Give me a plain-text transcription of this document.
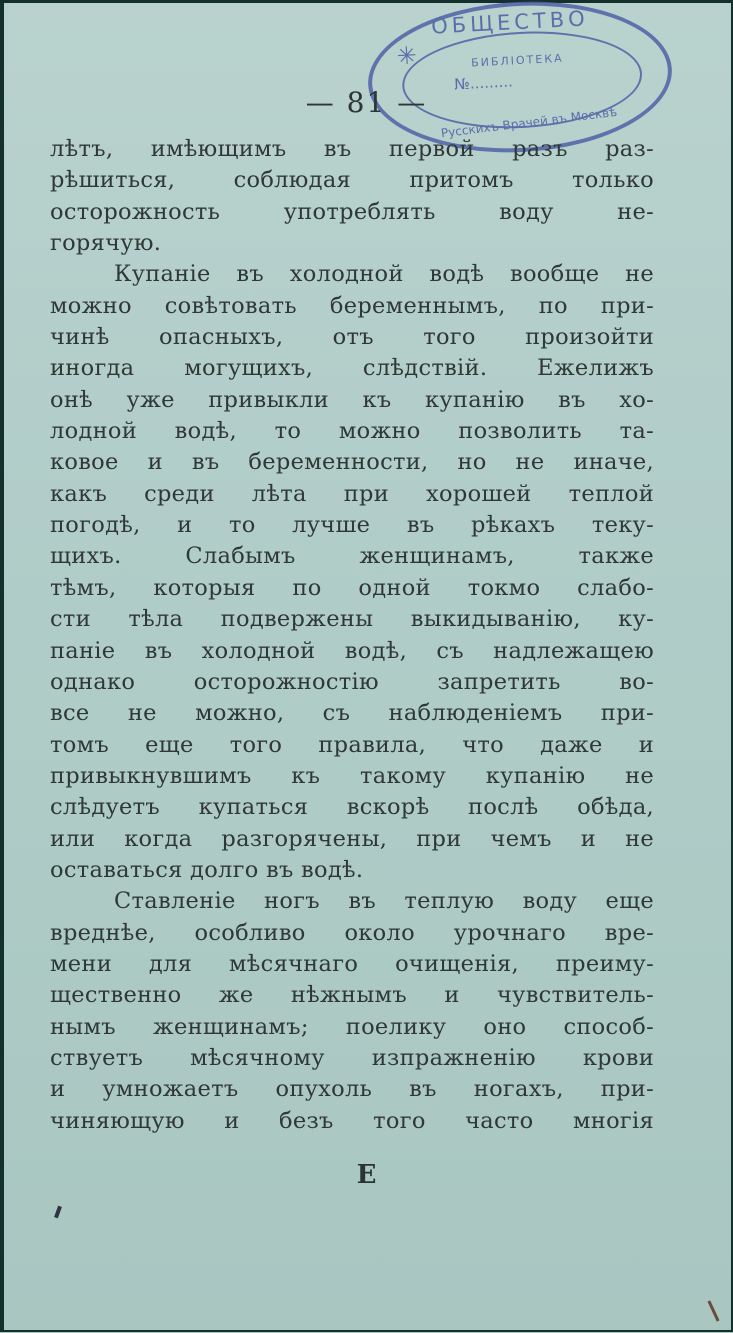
✳
ОБЩЕСТВО
БИБЛIОТЕКА
№.........
Русскихъ Врачей въ Москвѣ
— 81 —
лѣтъ, имѣющимъ въ первой разъ раз-
рѣшиться, соблюдая притомъ только
осторожность употреблять воду не-
горячую.
Купанiе въ холодной водѣ вообще не
можно совѣтовать беременнымъ, по при-
чинѣ опасныхъ, отъ того произойти
иногда могущихъ, слѣдствiй. Ежелижъ
онѣ уже привыкли къ купанiю въ хо-
лодной водѣ, то можно позволить та-
ковое и въ беременности, но не иначе,
какъ среди лѣта при хорошей теплой
погодѣ, и то лучше въ рѣкахъ теку-
щихъ. Слабымъ женщинамъ, также
тѣмъ, которыя по одной токмо слабо-
сти тѣла подвержены выкидыванiю, ку-
панiе въ холодной водѣ, съ надлежащею
однако осторожностiю запретить во-
все не можно, съ наблюденiемъ при-
томъ еще того правила, что даже и
привыкнувшимъ къ такому купанiю не
слѣдуетъ купаться вскорѣ послѣ обѣда,
или когда разгорячены, при чемъ и не
оставаться долго въ водѣ.
Ставленiе ногъ въ теплую воду еще
вреднѣе, особливо около урочнаго вре-
мени для мѣсячнаго очищенiя, преиму-
щественно же нѣжнымъ и чувствитель-
нымъ женщинамъ; поелику оно способ-
ствуетъ мѣсячному изпражненiю крови
и умножаетъ опухоль въ ногахъ, при-
чиняющую и безъ того часто многiя
E
